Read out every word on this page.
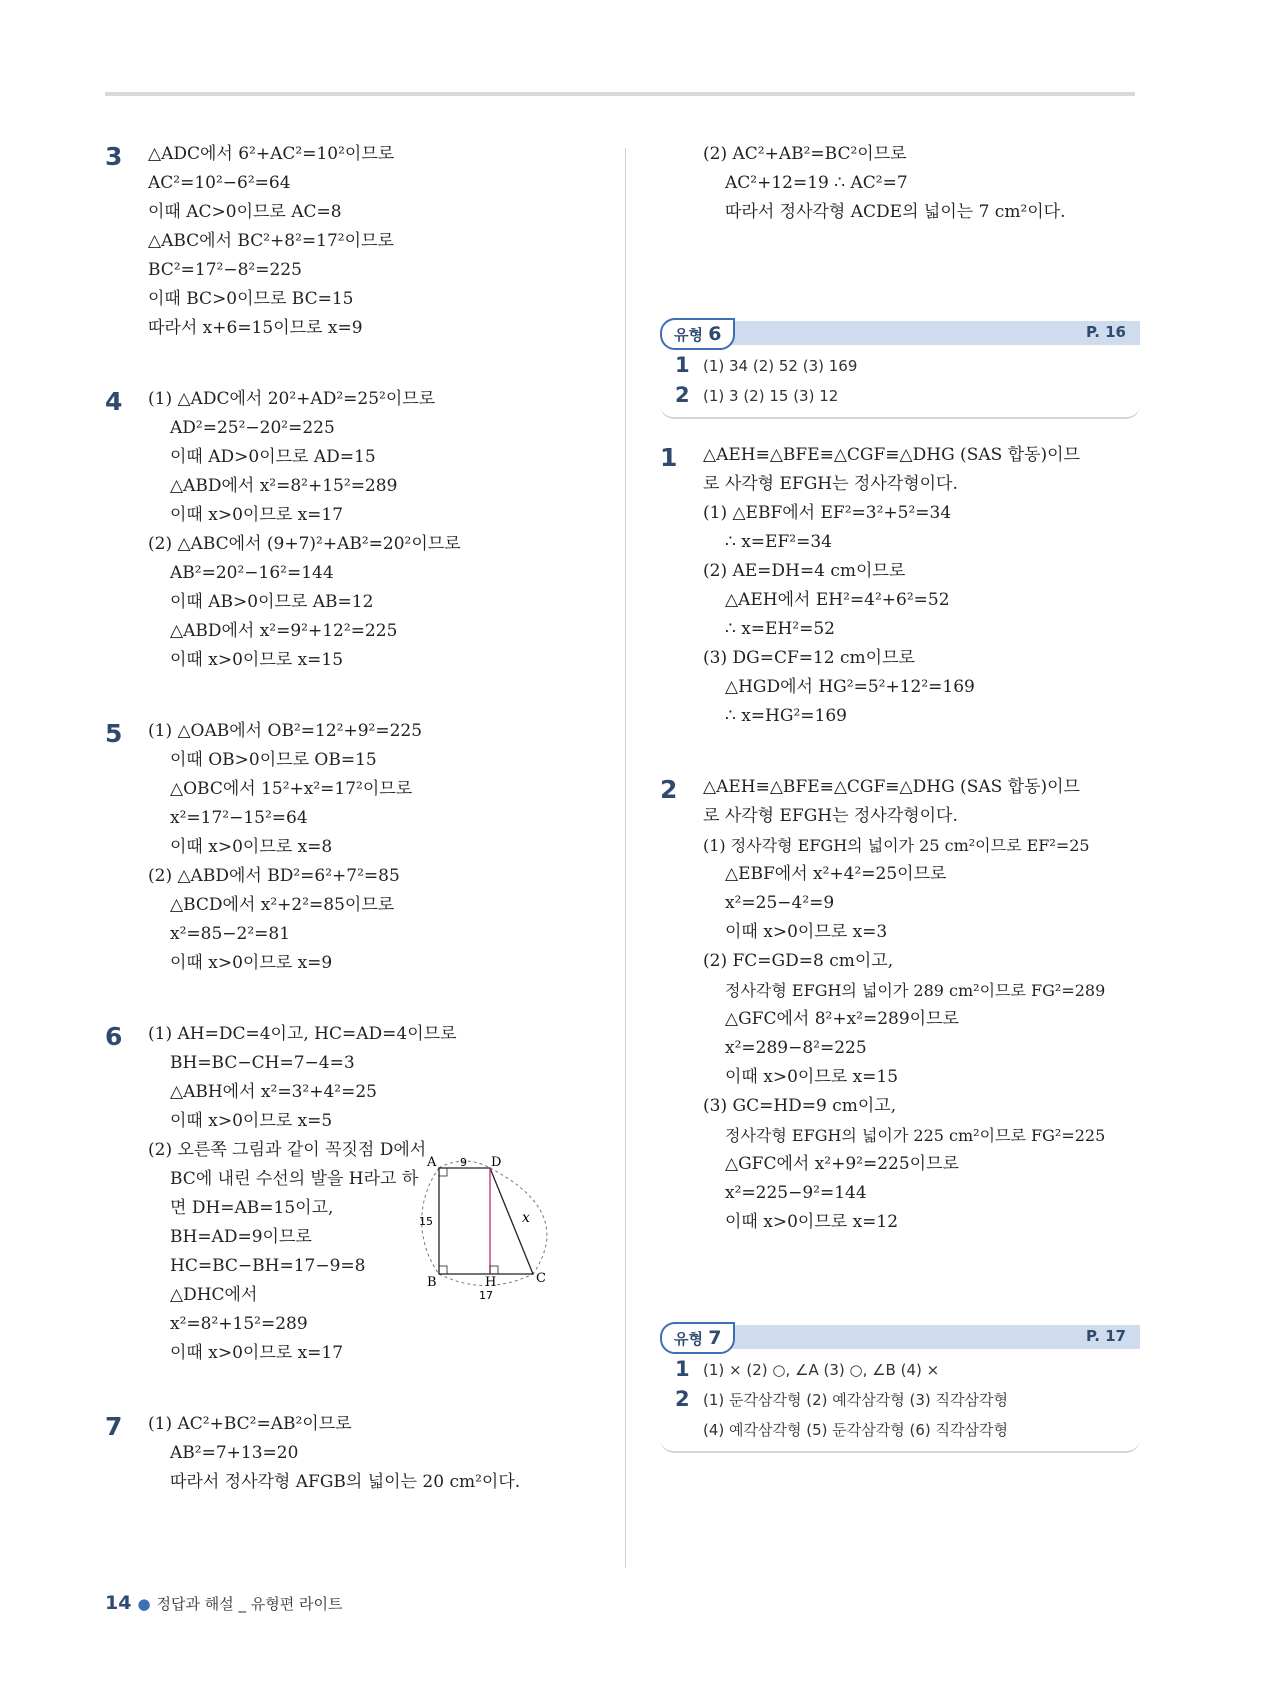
3 △ADC에서 6²+AC²=10²이므로
AC²=10²−6²=64
이때 AC>0이므로 AC=8
△ABC에서 BC²+8²=17²이므로
BC²=17²−8²=225
이때 BC>0이므로 BC=15
따라서 x+6=15이므로 x=9
4 (1) △ADC에서 20²+AD²=25²이므로
AD²=25²−20²=225
이때 AD>0이므로 AD=15
△ABD에서 x²=8²+15²=289
이때 x>0이므로 x=17
(2) △ABC에서 (9+7)²+AB²=20²이므로
AB²=20²−16²=144
이때 AB>0이므로 AB=12
△ABD에서 x²=9²+12²=225
이때 x>0이므로 x=15
5 (1) △OAB에서 OB²=12²+9²=225
이때 OB>0이므로 OB=15
△OBC에서 15²+x²=17²이므로
x²=17²−15²=64
이때 x>0이므로 x=8
(2) △ABD에서 BD²=6²+7²=85
△BCD에서 x²+2²=85이므로
x²=85−2²=81
이때 x>0이므로 x=9
6 (1) AH=DC=4이고, HC=AD=4이므로
BH=BC−CH=7−4=3
△ABH에서 x²=3²+4²=25
이때 x>0이므로 x=5
(2) 오른쪽 그림과 같이 꼭짓점 D에서
BC에 내린 수선의 발을 H라고 하
면 DH=AB=15이고,
BH=AD=9이므로
HC=BC−BH=17−9=8
△DHC에서
x²=8²+15²=289
이때 x>0이므로 x=17
A	D
B	H	C
x
9
15
17
7 (1) AC²+BC²=AB²이므로
AB²=7+13=20
따라서 정사각형 AFGB의 넓이는 20 cm²이다.
(2) AC²+AB²=BC²이므로
AC²+12=19 ∴ AC²=7
따라서 정사각형 ACDE의 넓이는 7 cm²이다.
유형 6	P. 16
1 (1) 34 (2) 52 (3) 169
2 (1) 3 (2) 15 (3) 12
1 △AEH≡△BFE≡△CGF≡△DHG (SAS 합동)이므
로 사각형 EFGH는 정사각형이다.
(1) △EBF에서 EF²=3²+5²=34
∴ x=EF²=34
(2) AE=DH=4 cm이므로
△AEH에서 EH²=4²+6²=52
∴ x=EH²=52
(3) DG=CF=12 cm이므로
△HGD에서 HG²=5²+12²=169
∴ x=HG²=169
2 △AEH≡△BFE≡△CGF≡△DHG (SAS 합동)이므
로 사각형 EFGH는 정사각형이다.
(1) 정사각형 EFGH의 넓이가 25 cm²이므로 EF²=25
△EBF에서 x²+4²=25이므로
x²=25−4²=9
이때 x>0이므로 x=3
(2) FC=GD=8 cm이고,
정사각형 EFGH의 넓이가 289 cm²이므로 FG²=289
△GFC에서 8²+x²=289이므로
x²=289−8²=225
이때 x>0이므로 x=15
(3) GC=HD=9 cm이고,
정사각형 EFGH의 넓이가 225 cm²이므로 FG²=225
△GFC에서 x²+9²=225이므로
x²=225−9²=144
이때 x>0이므로 x=12
유형 7	P. 17
1 (1) × (2) ○, ∠A (3) ○, ∠B (4) ×
2 (1) 둔각삼각형 (2) 예각삼각형 (3) 직각삼각형
(4) 예각삼각형 (5) 둔각삼각형 (6) 직각삼각형
14 ● 정답과 해설 _ 유형편 라이트
